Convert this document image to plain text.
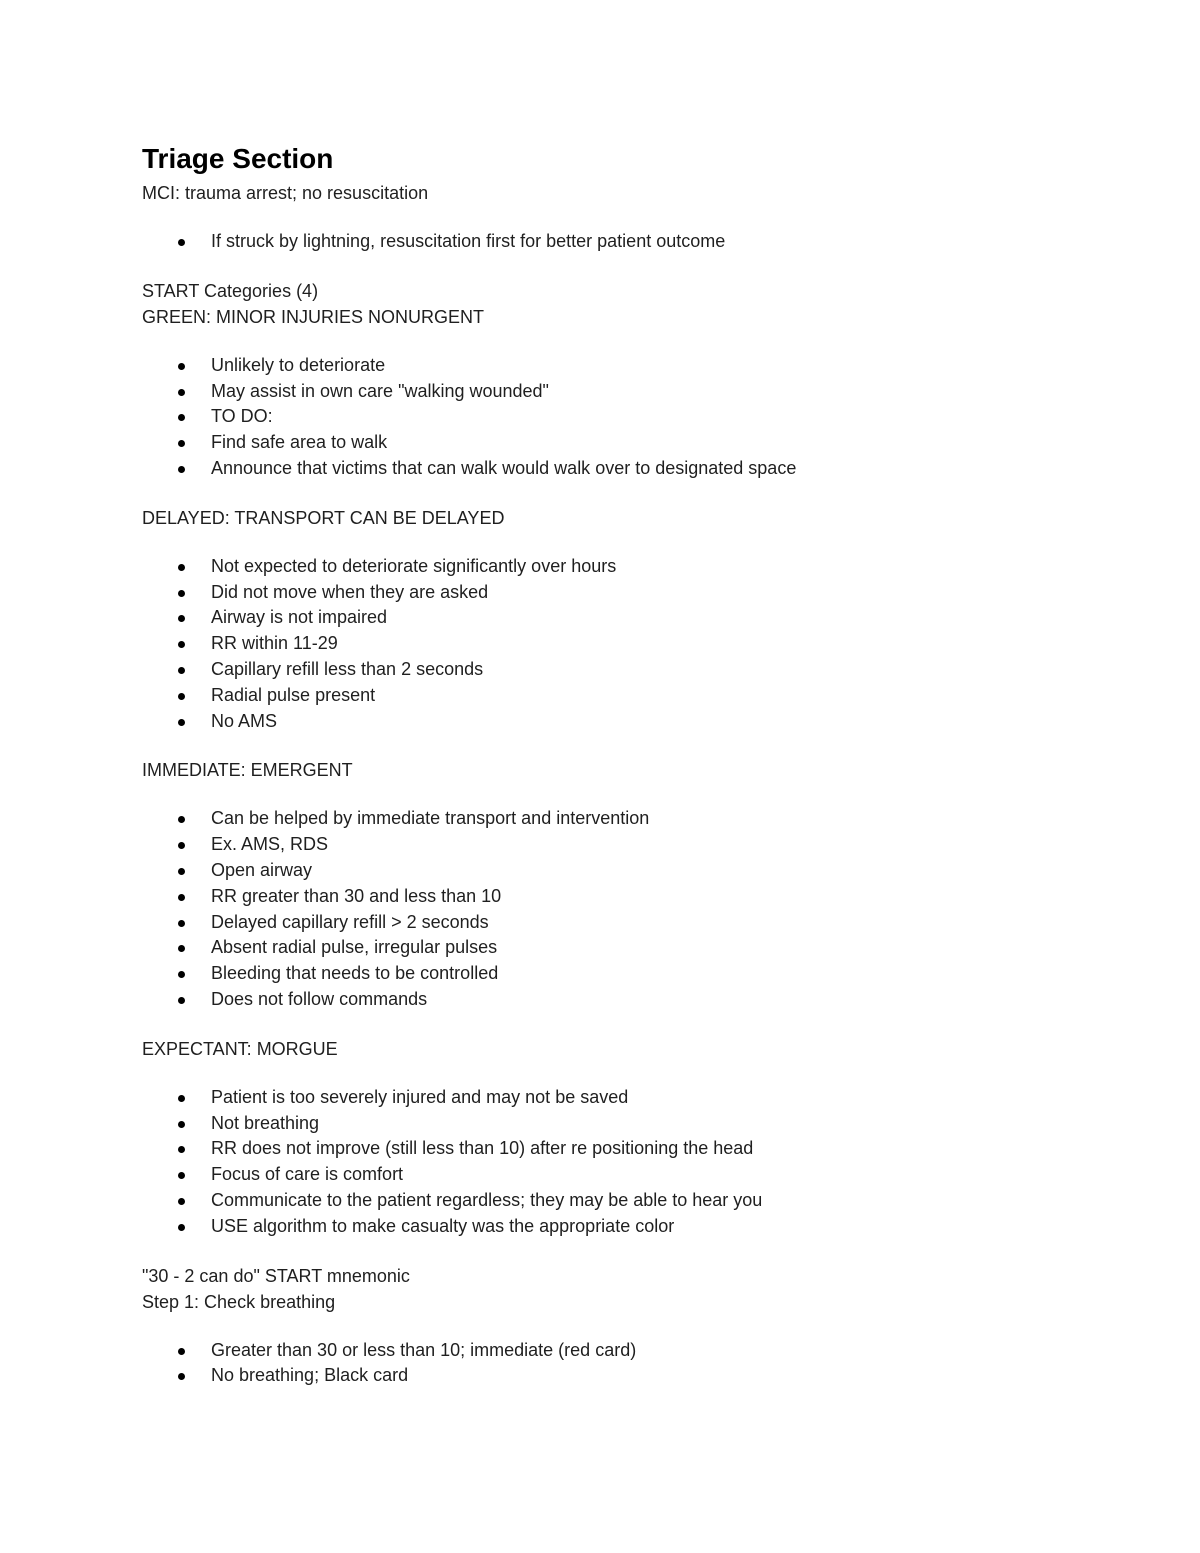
Triage Section

MCI: trauma arrest; no resuscitation

If struck by lightning, resuscitation first for better patient outcome

START Categories (4)

GREEN: MINOR INJURIES NONURGENT

Unlikely to deteriorate
May assist in own care "walking wounded"
TO DO:
Find safe area to walk
Announce that victims that can walk would walk over to designated space

DELAYED: TRANSPORT CAN BE DELAYED

Not expected to deteriorate significantly over hours
Did not move when they are asked
Airway is not impaired
RR within 11-29
Capillary refill less than 2 seconds
Radial pulse present
No AMS

IMMEDIATE: EMERGENT

Can be helped by immediate transport and intervention
Ex. AMS, RDS
Open airway
RR greater than 30 and less than 10
Delayed capillary refill > 2 seconds
Absent radial pulse, irregular pulses
Bleeding that needs to be controlled
Does not follow commands

EXPECTANT: MORGUE

Patient is too severely injured and may not be saved
Not breathing
RR does not improve (still less than 10) after re positioning the head
Focus of care is comfort
Communicate to the patient regardless; they may be able to hear you
USE algorithm to make casualty was the appropriate color

"30 - 2 can do" START mnemonic

Step 1: Check breathing

Greater than 30 or less than 10; immediate (red card)
No breathing; Black card
